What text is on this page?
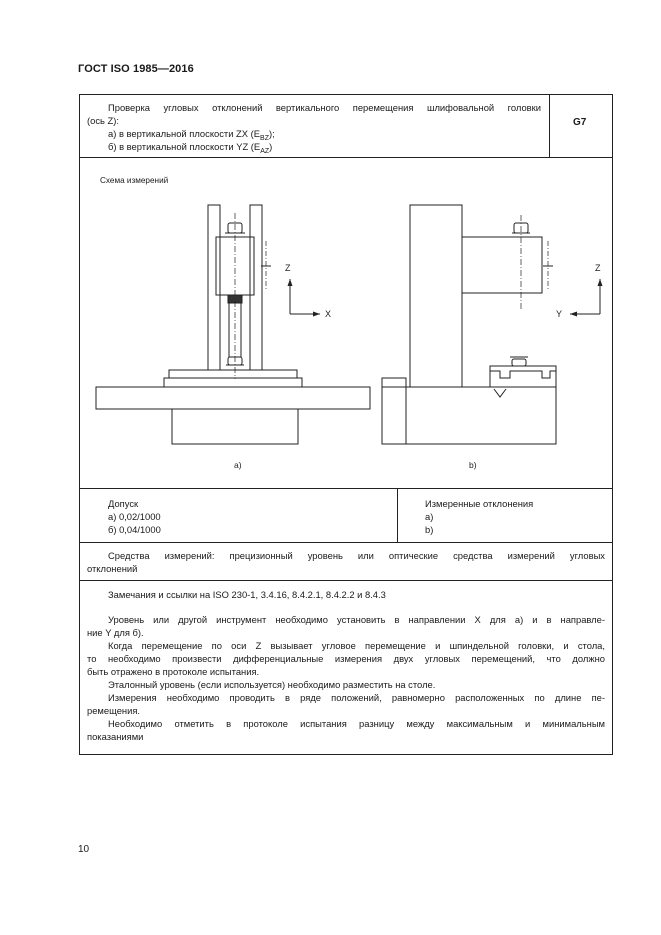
ГОСТ ISO 1985—2016
Проверка угловых отклонений вертикального перемещения шлифовальной головки
(ось Z):
а) в вертикальной плоскости ZX $(E_{BZ})$;
б) в вертикальной плоскости YZ $(E_{AZ})$
G7
Схема измерений
Z
X
Z
Y
a)	b)
Допуск
а) 0,02/1000
б) 0,04/1000
Измеренные отклонения
a)
b)
Средства измерений: прецизионный уровень или оптические средства измерений угловых
отклонений
Замечания и ссылки на ISO 230-1, 3.4.16, 8.4.2.1, 8.4.2.2 и 8.4.3
Уровень или другой инструмент необходимо установить в направлении X для а) и в направле-
ние Y для б).
Когда перемещение по оси Z вызывает угловое перемещение и шпиндельной головки, и стола,
то необходимо произвести дифференциальные измерения двух угловых перемещений, что должно
быть отражено в протоколе испытания.
Эталонный уровень (если используется) необходимо разместить на столе.
Измерения необходимо проводить в ряде положений, равномерно расположенных по длине пе-
ремещения.
Необходимо отметить в протоколе испытания разницу между максимальным и минимальным
показаниями
10
